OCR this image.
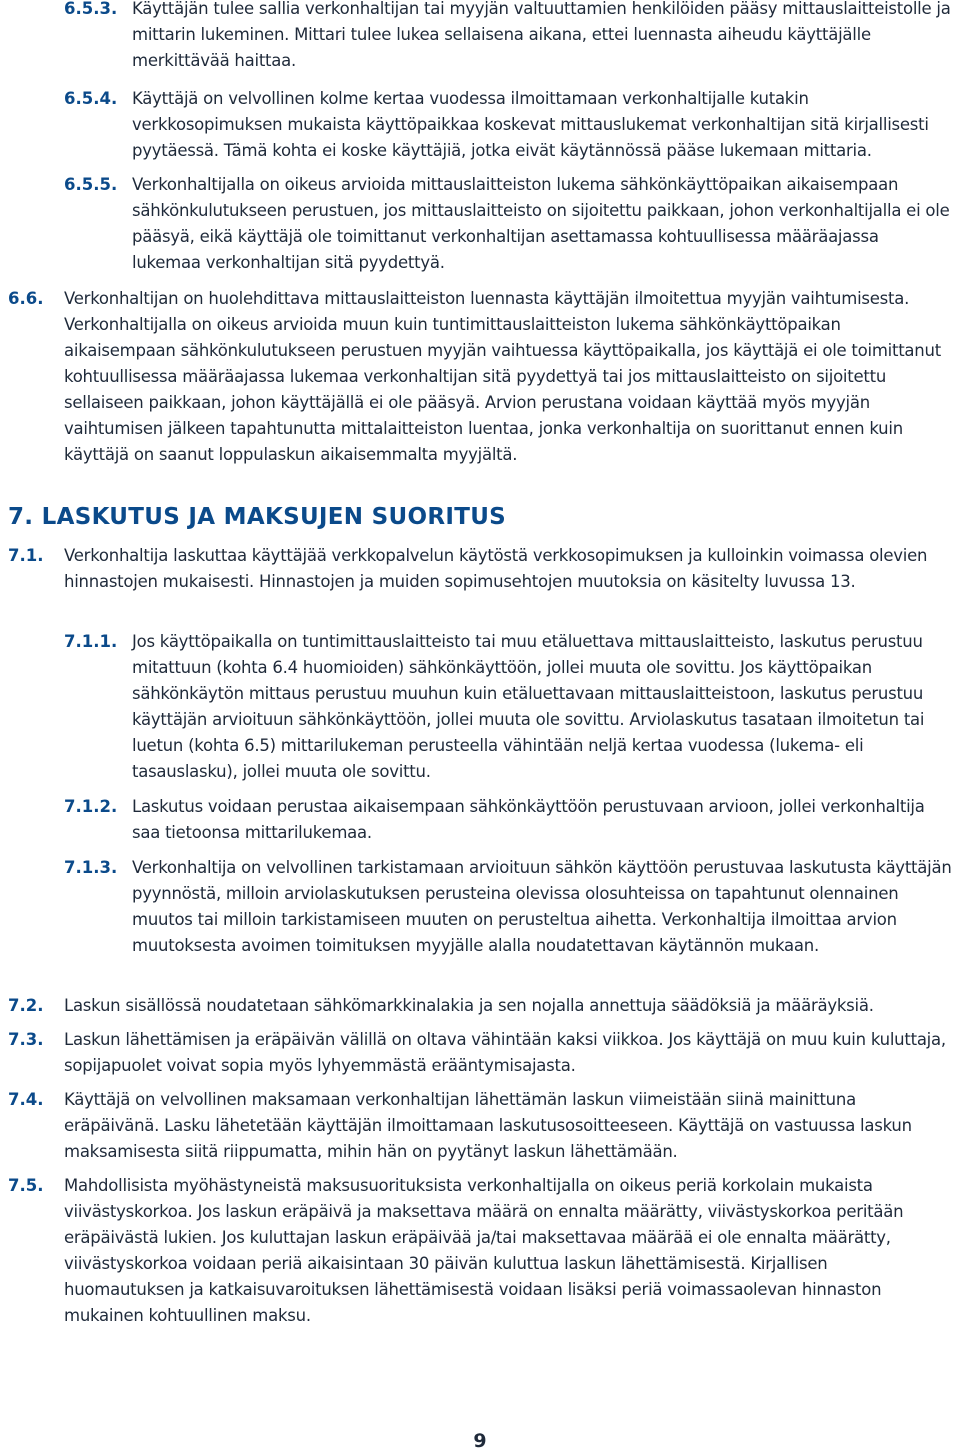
6.5.3. Käyttäjän tulee sallia verkonhaltijan tai myyjän valtuuttamien henkilöiden pääsy mittauslaitteistolle ja mittarin lukeminen. Mittari tulee lukea sellaisena aikana, ettei luennasta aiheudu käyttäjälle merkittävää haittaa.
6.5.4. Käyttäjä on velvollinen kolme kertaa vuodessa ilmoittamaan verkonhaltijalle kutakin verkkosopimuksen mukaista käyttöpaikkaa koskevat mittauslukemat verkonhaltijan sitä kirjallisesti pyytäessä. Tämä kohta ei koske käyttäjiä, jotka eivät käytännössä pääse lukemaan mittaria.
6.5.5. Verkonhaltijalla on oikeus arvioida mittauslaitteiston lukema sähkönkäyttöpaikan aikaisempaan sähkönkulutukseen perustuen, jos mittauslaitteisto on sijoitettu paikkaan, johon verkonhaltijalla ei ole pääsyä, eikä käyttäjä ole toimittanut verkonhaltijan asettamassa kohtuullisessa määräajassa lukemaa verkonhaltijan sitä pyydettyä.
6.6.	Verkonhaltijan on huolehdittava mittauslaitteiston luennasta käyttäjän ilmoitettua myyjän vaihtumisesta. Verkonhaltijalla on oikeus arvioida muun kuin tuntimittauslaitteiston lukema sähkönkäyttöpaikan aikaisempaan sähkönkulutukseen perustuen myyjän vaihtuessa käyttöpaikalla, jos käyttäjä ei ole toimittanut kohtuullisessa määräajassa lukemaa verkonhaltijan sitä pyydettyä tai jos mittauslaitteisto on sijoitettu sellaiseen paikkaan, johon käyttäjällä ei ole pääsyä. Arvion perustana voidaan käyttää myös myyjän vaihtumisen jälkeen tapahtunutta mittalaitteiston luentaa, jonka verkonhaltija on suorittanut ennen kuin käyttäjä on saanut loppulaskun aikaisemmalta myyjältä.
7. LASKUTUS JA MAKSUJEN SUORITUS
7.1.	Verkonhaltija laskuttaa käyttäjää verkkopalvelun käytöstä verkkosopimuksen ja kulloinkin voimassa olevien hinnastojen mukaisesti. Hinnastojen ja muiden sopimusehtojen muutoksia on käsitelty luvussa 13.
7.1.1. Jos käyttöpaikalla on tuntimittauslaitteisto tai muu etäluettava mittauslaitteisto, laskutus perustuu mitattuun (kohta 6.4 huomioiden) sähkönkäyttöön, jollei muuta ole sovittu. Jos käyttöpaikan sähkönkäytön mittaus perustuu muuhun kuin etäluettavaan mittauslaitteistoon, laskutus perustuu käyttäjän arvioituun sähkönkäyttöön, jollei muuta ole sovittu. Arviolaskutus tasataan ilmoitetun tai luetun (kohta 6.5) mittarilukeman perusteella vähintään neljä kertaa vuodessa (lukema- eli tasauslasku), jollei muuta ole sovittu.
7.1.2. Laskutus voidaan perustaa aikaisempaan sähkönkäyttöön perustuvaan arvioon, jollei verkonhaltija saa tietoonsa mittarilukemaa.
7.1.3. Verkonhaltija on velvollinen tarkistamaan arvioituun sähkön käyttöön perustuvaa laskutusta käyttäjän pyynnöstä, milloin arviolaskutuksen perusteina olevissa olosuhteissa on tapahtunut olennainen muutos tai milloin tarkistamiseen muuten on perusteltua aihetta. Verkonhaltija ilmoittaa arvion muutoksesta avoimen toimituksen myyjälle alalla noudatettavan käytännön mukaan.
7.2.	Laskun sisällössä noudatetaan sähkömarkkinalakia ja sen nojalla annettuja säädöksiä ja määräyksiä.
7.3.	Laskun lähettämisen ja eräpäivän välillä on oltava vähintään kaksi viikkoa. Jos käyttäjä on muu kuin kuluttaja, sopijapuolet voivat sopia myös lyhyemmästä erääntymisajasta.
7.4.	Käyttäjä on velvollinen maksamaan verkonhaltijan lähettämän laskun viimeistään siinä mainittuna eräpäivänä. Lasku lähetetään käyttäjän ilmoittamaan laskutusosoitteeseen. Käyttäjä on vastuussa laskun maksamisesta siitä riippumatta, mihin hän on pyytänyt laskun lähettämään.
7.5.	Mahdollisista myöhästyneistä maksusuorituksista verkonhaltijalla on oikeus periä korkolain mukaista viivästyskorkoa. Jos laskun eräpäivä ja maksettava määrä on ennalta määrätty, viivästyskorkoa peritään eräpäivästä lukien. Jos kuluttajan laskun eräpäivää ja/tai maksettavaa määrää ei ole ennalta määrätty, viivästyskorkoa voidaan periä aikaisintaan 30 päivän kuluttua laskun lähettämisestä. Kirjallisen huomautuksen ja katkaisuvaroituksen lähettämisestä voidaan lisäksi periä voimassaolevan hinnaston mukainen kohtuullinen maksu.
9
